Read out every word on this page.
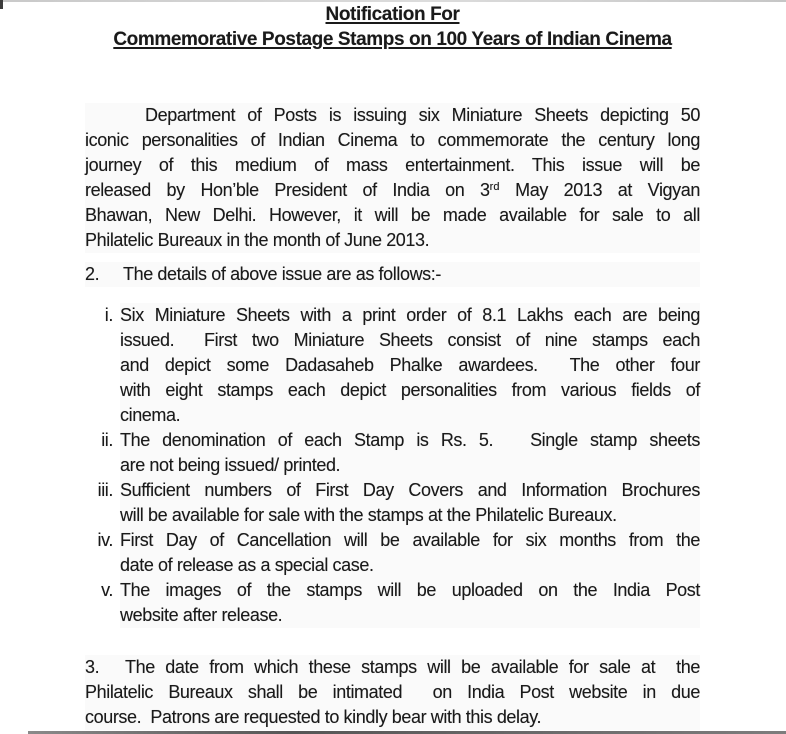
Notification For
Commemorative Postage Stamps on 100 Years of Indian Cinema
Department of Posts is issuing six Miniature Sheets depicting 50
iconic personalities of Indian Cinema to commemorate the century long
journey of this medium of mass entertainment. This issue will be
released by Hon’ble President of India on 3rd May 2013 at Vigyan
Bhawan, New Delhi. However, it will be made available for sale to all
Philatelic Bureaux in the month of June 2013.
2.	The details of above issue are as follows:-
i. Six Miniature Sheets with a print order of 8.1 Lakhs each are being
issued.  First two Miniature Sheets consist of nine stamps each
and depict some Dadasaheb Phalke awardees.  The other four
with eight stamps each depict personalities from various fields of
cinema.
ii. The denomination of each Stamp is Rs. 5.   Single stamp sheets
are not being issued/ printed.
iii. Sufficient numbers of First Day Covers and Information Brochures
will be available for sale with the stamps at the Philatelic Bureaux.
iv. First Day of Cancellation will be available for six months from the
date of release as a special case.
v. The images of the stamps will be uploaded on the India Post
website after release.
3.	The date from which these stamps will be available for sale at  the
Philatelic Bureaux shall be intimated  on India Post website in due
course.  Patrons are requested to kindly bear with this delay.
